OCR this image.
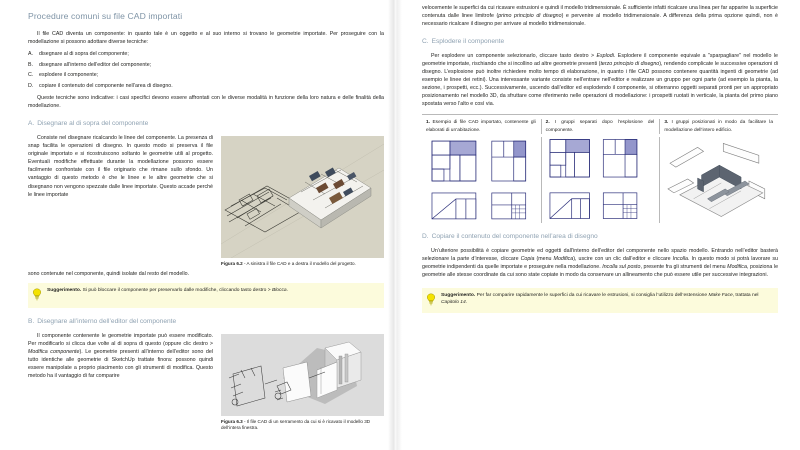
Procedure comuni su file CAD importati

Il file CAD diventa un componente: in quanto tale è un oggetto e al suo interno si trovano le geometrie importate. Per proseguire con la modellazione si possono adottare diverse tecniche:

A. disegnare al di sopra del componente;
B. disegnare all’interno dell’editor del componente;
C. esplodere il componente;
D. copiare il contenuto del componente nell’area di disegno.

Queste tecniche sono indicative: i casi specifici devono essere affrontati con le diverse modalità in funzione della loro natura e delle finalità della modellazione.

A. Disegnare al di sopra del componente
Figura 6.2 - A sinistra il file CAD e a destra il modello del progetto.

Consiste nel disegnare ricalcando le linee del componente. La presenza di snap facilita le operazioni di disegno. In questo modo si preserva il file originale importato e si ricostruiscono soltanto le geometrie utili al progetto. Eventuali modifiche effettuate durante la modellazione possono essere facilmente confrontate con il file originario che rimane sullo sfondo. Un vantaggio di questo metodo è che le linee e le altre geometrie che si disegnano non vengono spezzate dalle linee importate. Questo accade perché le linee importate

sono contenute nel componente, quindi isolate dal resto del modello.

Suggerimento. Si può bloccare il componente per preservarlo dalle modifiche, cliccando tasto destro > Blocca.
B. Disegnare all’interno dell’editor del componente
Figura 6.3 - Il file CAD di un serramento da cui si è ricavato il modello 3D dell’intera finestra.

Il componente contenente le geometrie importate può essere modificato. Per modificarlo si clicca due volte al di sopra di questo (oppure clic destro > Modifica componente). Le geometrie presenti all’interno dell’editor sono del tutto identiche alle geometrie di SketchUp trattate finora: possono quindi essere manipolate a proprio piacimento con gli strumenti di modifica. Questo metodo ha il vantaggio di far comparire

velocemente le superfici da cui ricavare estrusioni e quindi il modello tridimensionale. È sufficiente infatti ricalcare una linea per far apparire la superficie contenuta dalle linee limitrofe (primo principio di disegno) e pervenire al modello tridimensionale. A differenza della prima opzione quindi, non è necessario ricalcare il disegno per arrivare al modello tridimensionale.

C. Esplodere il componente

Per esplodere un componente selezionarlo, cliccare tasto destro > Esplodi. Esplodere il componente equivale a "sparpagliare" nel modello le geometrie importate, rischiando che si incollino ad altre geometrie presenti (terzo principio di disegno), rendendo complicate le successive operazioni di disegno. L’esplosione può inoltre richiedere molto tempo di elaborazione, in quanto i file CAD possono contenere quantità ingenti di geometrie (ad esempio le linee dei retini). Una interessante variante consiste nell’entrare nell’editor e realizzare un gruppo per ogni parte (ad esempio la pianta, la sezione, i prospetti, ecc.). Successivamente, uscendo dall’editor ed esplodendo il componente, si otterranno oggetti separati pronti per un appropriato posizionamento nel modello 3D, da sfruttare come riferimento nelle operazioni di modellazione: i prospetti ruotati in verticale, la pianta del primo piano spostata verso l’alto e così via.

1. Esempio di file CAD importato, contenente gli elaborati di un’abitazione.
2. I gruppi separati dopo l’esplosione del componente.
3. I gruppi posizionati in modo da facilitare la modellazione dell’intero edificio.
D. Copiare il contenuto del componente nell’area di disegno

Un’ulteriore possibilità è copiare geometrie ed oggetti dall’interno dell’editor del componente nello spazio modello. Entrando nell’editor basterà selezionare la parte d’interesse, cliccare Copia (menu Modifica), uscire con un clic dall’editor e cliccare Incolla. In questo modo si potrà lavorare su geometrie indipendenti da quelle importate e proseguire nella modellazione. Incolla sul posto, presente fra gli strumenti del menu Modifica, posiziona le geometrie alle stesse coordinate da cui sono state copiate in modo da conservare un allineamento che può essere utile per successive integrazioni.

Suggerimento. Per far comparire rapidamente le superfici da cui ricavare le estrusioni, si consiglia l’utilizzo dell’estensione Make Face, trattata nel Capitolo 14.
